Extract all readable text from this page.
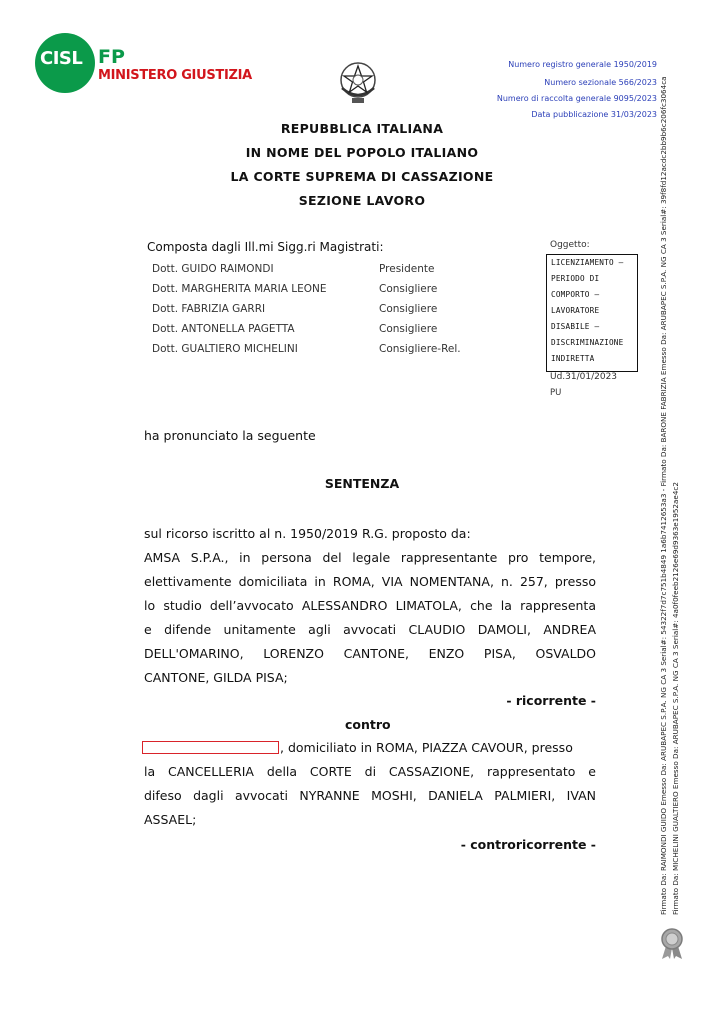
CISL FP
MINISTERO GIUSTIZIA
Numero registro generale 1950/2019
Numero sezionale 566/2023
Numero di raccolta generale 9095/2023
Data pubblicazione 31/03/2023
REPUBBLICA ITALIANA
IN NOME DEL POPOLO ITALIANO
LA CORTE SUPREMA DI CASSAZIONE
SEZIONE LAVORO
Composta dagli Ill.mi Sigg.ri Magistrati:
Dott. GUIDO RAIMONDI	Presidente
Dott. MARGHERITA MARIA LEONE	Consigliere
Dott. FABRIZIA GARRI	Consigliere
Dott. ANTONELLA PAGETTA	Consigliere
Dott. GUALTIERO MICHELINI	Consigliere-Rel.
Oggetto:
LICENZIAMENTO –
PERIODO DI
COMPORTO –
LAVORATORE
DISABILE –
DISCRIMINAZIONE
INDIRETTA
Ud.31/01/2023
PU
ha pronunciato la seguente
SENTENZA
sul ricorso iscritto al n. 1950/2019 R.G. proposto da:
AMSA S.P.A., in persona del legale rappresentante pro tempore,
elettivamente domiciliata in ROMA, VIA NOMENTANA, n. 257, presso
lo studio dell’avvocato ALESSANDRO LIMATOLA, che la rappresenta
e difende unitamente agli avvocati CLAUDIO DAMOLI, ANDREA
DELL'OMARINO, LORENZO CANTONE, ENZO PISA, OSVALDO
CANTONE, GILDA PISA;
- ricorrente -
contro
, domiciliato in ROMA, PIAZZA CAVOUR, presso
la CANCELLERIA della CORTE di CASSAZIONE, rappresentato e
difeso dagli avvocati NYRANNE MOSHI, DANIELA PALMIERI, IVAN
ASSAEL;
- controricorrente -	Firmato Da: RAIMONDI GUIDO Emesso Da: ARUBAPEC S.P.A. NG CA 3 Serial#: 54322f7d7c751b4849 1a6b7412653a3 - Firmato Da: BARONE FABRIZIA Emesso Da: ARUBAPEC S.P.A. NG CA 3 Serial#: 39f8fd12acdc2bb9b6c206fc3064ca Firmato Da: MICHELINI GUALTIERO Emesso Da: ARUBAPEC S.P.A. NG CA 3 Serial#: 4a0f0feeb2126e69d9363e1952ae4c2
